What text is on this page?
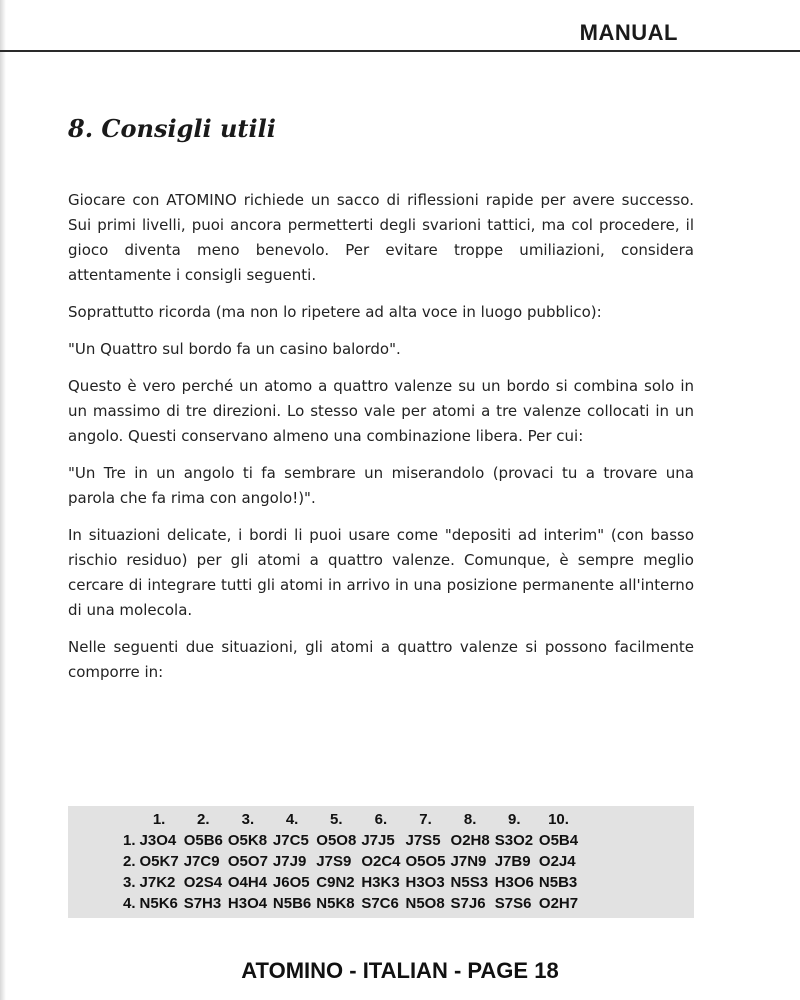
MANUAL
8. Consigli utili

Giocare con ATOMINO richiede un sacco di riflessioni rapide per avere successo. Sui primi livelli, puoi ancora permetterti degli svarioni tattici, ma col procedere, il gioco diventa meno benevolo. Per evitare troppe umiliazioni, considera attentamente i consigli seguenti.

Soprattutto ricorda (ma non lo ripetere ad alta voce in luogo pubblico):

"Un Quattro sul bordo fa un casino balordo".

Questo è vero perché un atomo a quattro valenze su un bordo si combina solo in un massimo di tre direzioni. Lo stesso vale per atomi a tre valenze collocati in un angolo. Questi conservano almeno una combinazione libera. Per cui:

"Un Tre in un angolo ti fa sembrare un miserandolo (provaci tu a trovare una parola che fa rima con angolo!)".

In situazioni delicate, i bordi li puoi usare come "depositi ad interim" (con basso rischio residuo) per gli atomi a quattro valenze. Comunque, è sempre meglio cercare di integrare tutti gli atomi in arrivo in una posizione permanente all'interno di una molecola.

Nelle seguenti due situazioni, gli atomi a quattro valenze si possono facilmente comporre in:

	1.	2.	3.	4.	5.	6.	7.	8.	9.	10.
1.	J3O4	O5B6	O5K8	J7C5	O5O8	J7J5	J7S5	O2H8	S3O2	O5B4
2.	O5K7	J7C9	O5O7	J7J9	J7S9	O2C4	O5O5	J7N9	J7B9	O2J4
3.	J7K2	O2S4	O4H4	J6O5	C9N2	H3K3	H3O3	N5S3	H3O6	N5B3
4.	N5K6	S7H3	H3O4	N5B6	N5K8	S7C6	N5O8	S7J6	S7S6	O2H7
ATOMINO - ITALIAN - PAGE 18
